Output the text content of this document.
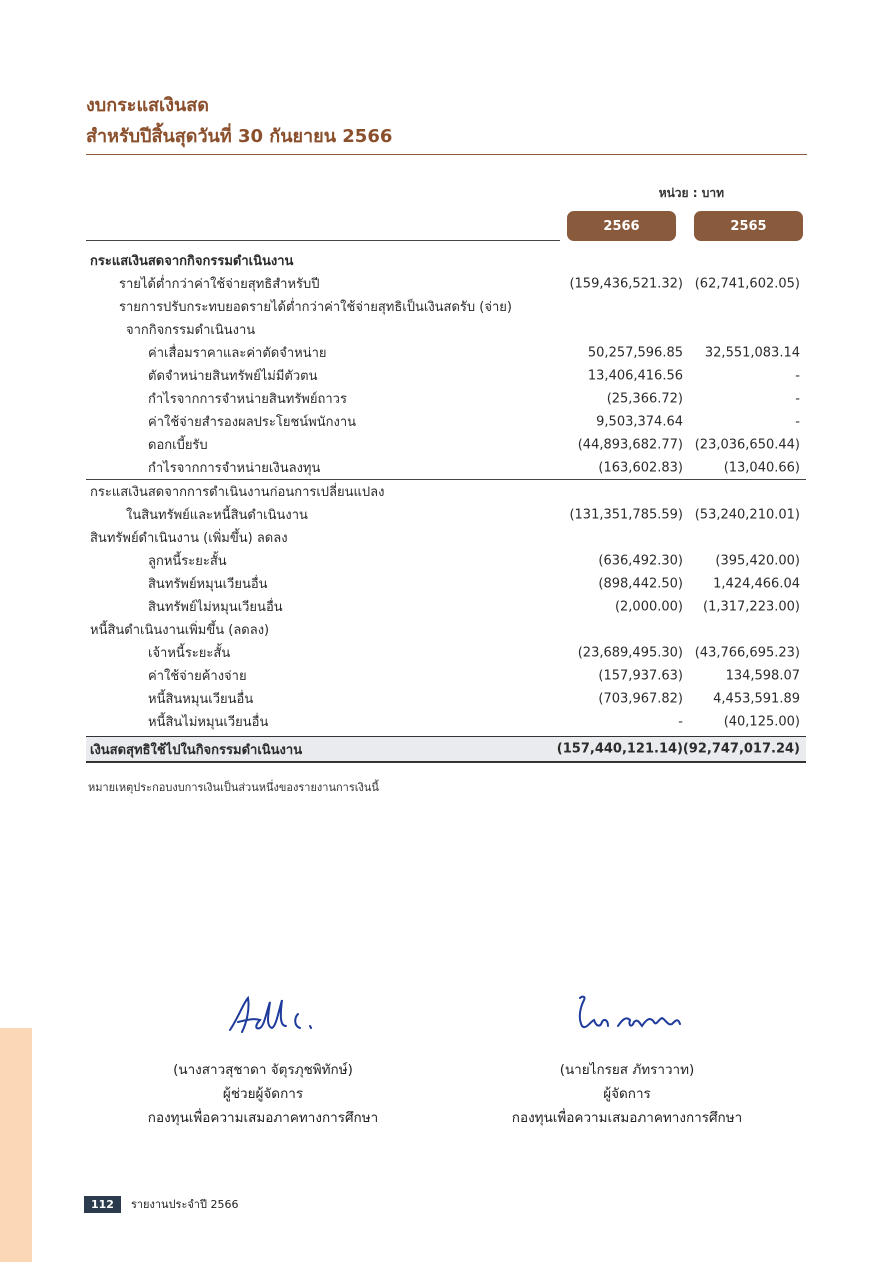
งบกระแสเงินสด
สำหรับปีสิ้นสุดวันที่ 30 กันยายน 2566
หน่วย : บาท
2566	2565
กระแสเงินสดจากกิจกรรมดำเนินงาน
รายได้ต่ำกว่าค่าใช้จ่ายสุทธิสำหรับปี	(159,436,521.32) (62,741,602.05)
รายการปรับกระทบยอดรายได้ต่ำกว่าค่าใช้จ่ายสุทธิเป็นเงินสดรับ (จ่าย)
จากกิจกรรมดำเนินงาน
ค่าเสื่อมราคาและค่าตัดจำหน่าย	50,257,596.85 32,551,083.14
ตัดจำหน่ายสินทรัพย์ไม่มีตัวตน	13,406,416.56	-
กำไรจากการจำหน่ายสินทรัพย์ถาวร	(25,366.72)	-
ค่าใช้จ่ายสำรองผลประโยชน์พนักงาน	9,503,374.64	-
ดอกเบี้ยรับ	(44,893,682.77) (23,036,650.44)
กำไรจากการจำหน่ายเงินลงทุน	(163,602.83)	(13,040.66)
กระแสเงินสดจากการดำเนินงานก่อนการเปลี่ยนแปลง
ในสินทรัพย์และหนี้สินดำเนินงาน	(131,351,785.59) (53,240,210.01)
สินทรัพย์ดำเนินงาน (เพิ่มขึ้น) ลดลง
ลูกหนี้ระยะสั้น	(636,492.30) (395,420.00)
สินทรัพย์หมุนเวียนอื่น	(898,442.50) 1,424,466.04
สินทรัพย์ไม่หมุนเวียนอื่น	(2,000.00) (1,317,223.00)
หนี้สินดำเนินงานเพิ่มขึ้น (ลดลง)
เจ้าหนี้ระยะสั้น	(23,689,495.30) (43,766,695.23)
ค่าใช้จ่ายค้างจ่าย	(157,937.63)	134,598.07
หนี้สินหมุนเวียนอื่น	(703,967.82) 4,453,591.89
หนี้สินไม่หมุนเวียนอื่น	-	(40,125.00)
เงินสดสุทธิใช้ไปในกิจกรรมดำเนินงาน	(157,440,121.14) (92,747,017.24)
หมายเหตุประกอบงบการเงินเป็นส่วนหนึ่งของรายงานการเงินนี้
(นางสาวสุชาดา จัตุรภุชพิทักษ์)
ผู้ช่วยผู้จัดการ
กองทุนเพื่อความเสมอภาคทางการศึกษา
(นายไกรยส ภัทราวาท)
ผู้จัดการ
กองทุนเพื่อความเสมอภาคทางการศึกษา
112	รายงานประจำปี 2566
